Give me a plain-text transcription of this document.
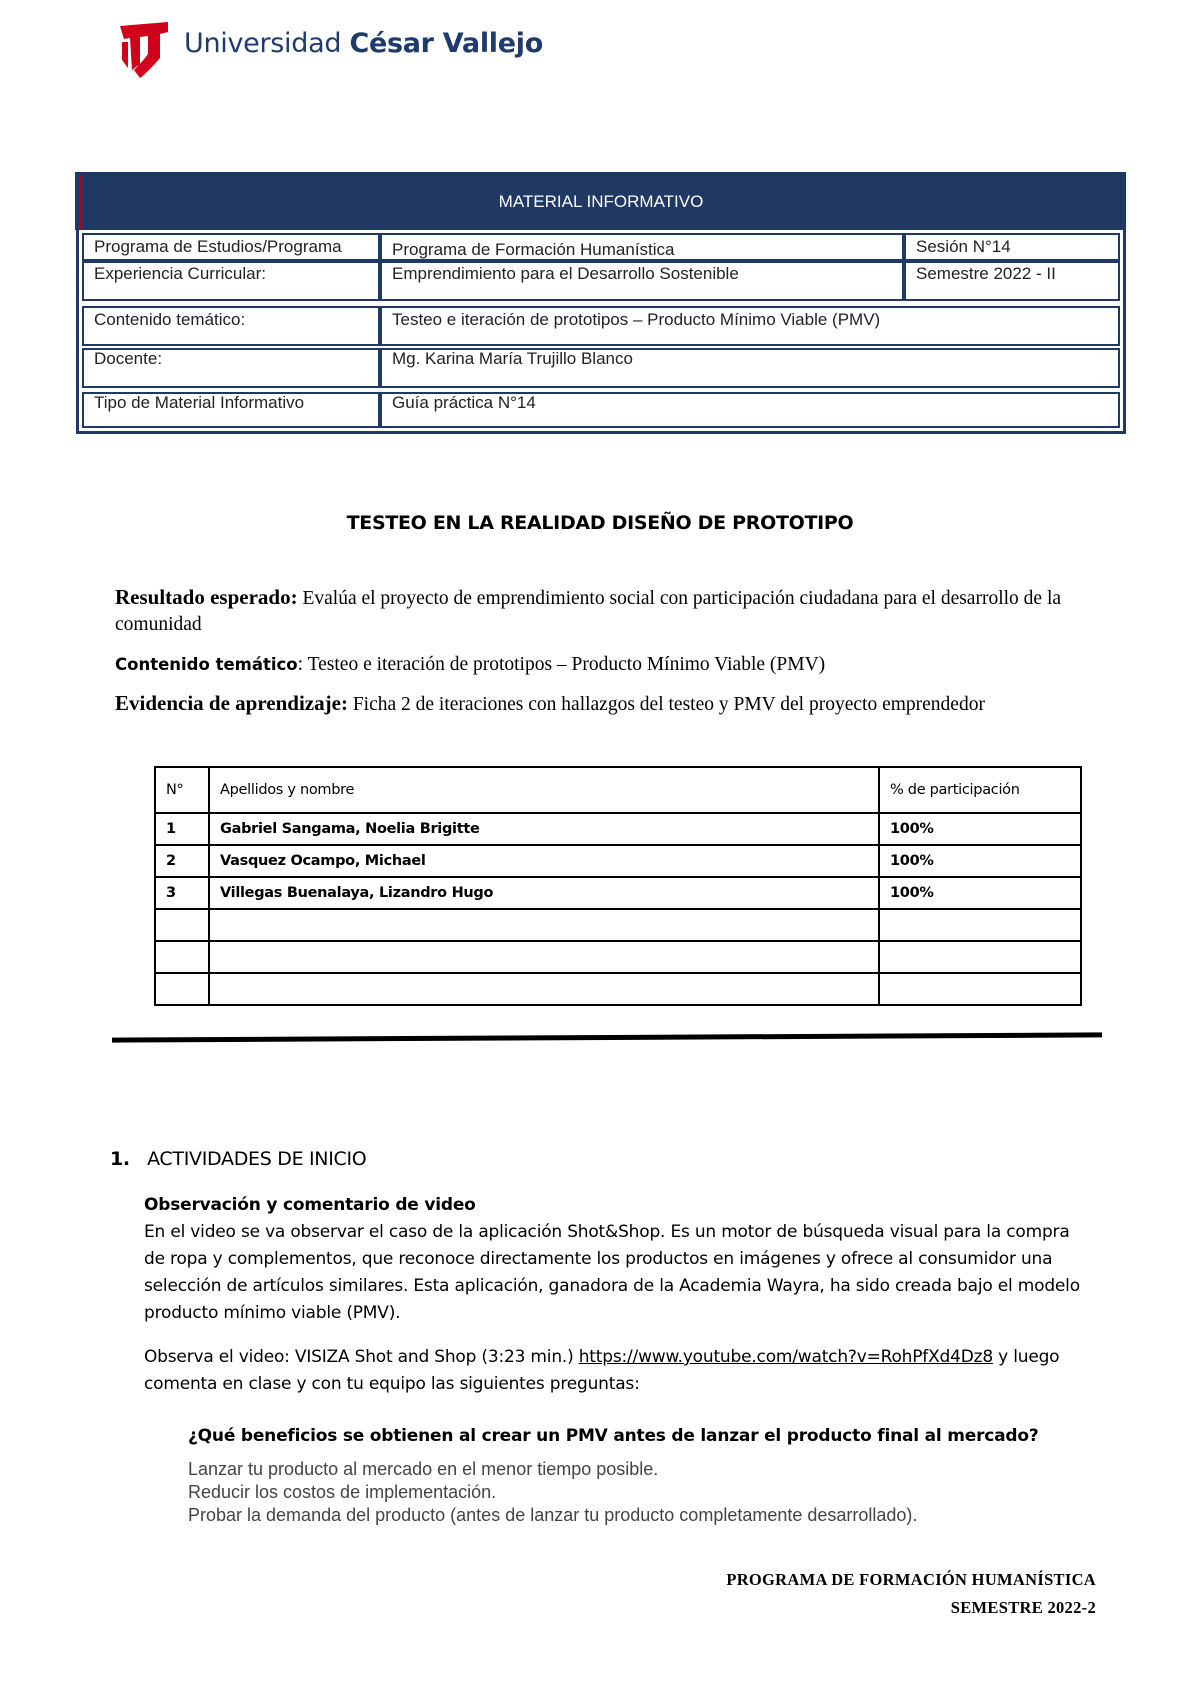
Universidad César Vallejo
MATERIAL INFORMATIVO
Programa de Estudios/Programa	Programa de Formación Humanística	Sesión N°14
Experiencia Curricular:	Emprendimiento para el Desarrollo Sostenible	Semestre 2022 - II
Contenido temático:	Testeo e iteración de prototipos – Producto Mínimo Viable (PMV)
Docente:	Mg. Karina María Trujillo Blanco
Tipo de Material Informativo	Guía práctica N°14
TESTEO EN LA REALIDAD DISEÑO DE PROTOTIPO
Resultado esperado: Evalúa el proyecto de emprendimiento social con participación ciudadana para el desarrollo de la comunidad
Contenido temático: Testeo e iteración de prototipos – Producto Mínimo Viable (PMV)
Evidencia de aprendizaje: Ficha 2 de iteraciones con hallazgos del testeo y PMV del proyecto emprendedor
N°	Apellidos y nombre	% de participación
1	Gabriel Sangama, Noelia Brigitte	100%
2	Vasquez Ocampo, Michael	100%
3	Villegas Buenalaya, Lizandro Hugo	100%

1. ACTIVIDADES DE INICIO
Observación y comentario de video
En el video se va observar el caso de la aplicación Shot&Shop. Es un motor de búsqueda visual para la compra de ropa y complementos, que reconoce directamente los productos en imágenes y ofrece al consumidor una selección de artículos similares. Esta aplicación, ganadora de la Academia Wayra, ha sido creada bajo el modelo producto mínimo viable (PMV).
Observa el video: VISIZA Shot and Shop (3:23 min.) https://www.youtube.com/watch?v=RohPfXd4Dz8 y luego comenta en clase y con tu equipo las siguientes preguntas:
¿Qué beneficios se obtienen al crear un PMV antes de lanzar el producto final al mercado?
Lanzar tu producto al mercado en el menor tiempo posible.
Reducir los costos de implementación.
Probar la demanda del producto (antes de lanzar tu producto completamente desarrollado).
PROGRAMA DE FORMACIÓN HUMANÍSTICA
SEMESTRE 2022-2
